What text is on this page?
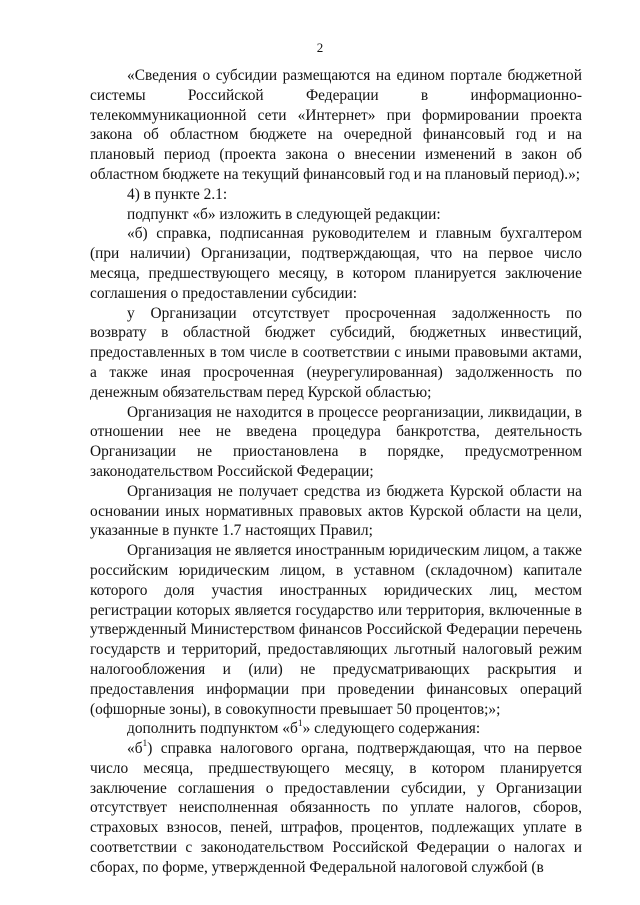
2

«Сведения о субсидии размещаются на едином портале бюджетной системы Российской Федерации в информационно-телекоммуникационной сети «Интернет» при формировании проекта закона об областном бюджете на очередной финансовый год и на плановый период (проекта закона о внесении изменений в закон об областном бюджете на текущий финансовый год и на плановый период).»;

4) в пункте 2.1:

подпункт «б» изложить в следующей редакции:

«б) справка, подписанная руководителем и главным бухгалтером (при наличии) Организации, подтверждающая, что на первое число месяца, предшествующего месяцу, в котором планируется заключение соглашения о предоставлении субсидии:

у Организации отсутствует просроченная задолженность по возврату в областной бюджет субсидий, бюджетных инвестиций, предоставленных в том числе в соответствии с иными правовыми актами, а также иная просроченная (неурегулированная) задолженность по денежным обязательствам перед Курской областью;

Организация не находится в процессе реорганизации, ликвидации, в отношении нее не введена процедура банкротства, деятельность Организации не приостановлена в порядке, предусмотренном законодательством Российской Федерации;

Организация не получает средства из бюджета Курской области на основании иных нормативных правовых актов Курской области на цели, указанные в пункте 1.7 настоящих Правил;

Организация не является иностранным юридическим лицом, а также российским юридическим лицом, в уставном (складочном) капитале которого доля участия иностранных юридических лиц, местом регистрации которых является государство или территория, включенные в утвержденный Министерством финансов Российской Федерации перечень государств и территорий, предоставляющих льготный налоговый режим налогообложения и (или) не предусматривающих раскрытия и предоставления информации при проведении финансовых операций (офшорные зоны), в совокупности превышает 50 процентов;»;

дополнить подпунктом «$б^1$» следующего содержания:

«$б^1$) справка налогового органа, подтверждающая, что на первое число месяца, предшествующего месяцу, в котором планируется заключение соглашения о предоставлении субсидии, у Организации отсутствует неисполненная обязанность по уплате налогов, сборов, страховых взносов, пеней, штрафов, процентов, подлежащих уплате в соответствии с законодательством Российской Федерации о налогах и сборах, по форме, утвержденной Федеральной налоговой службой (в
